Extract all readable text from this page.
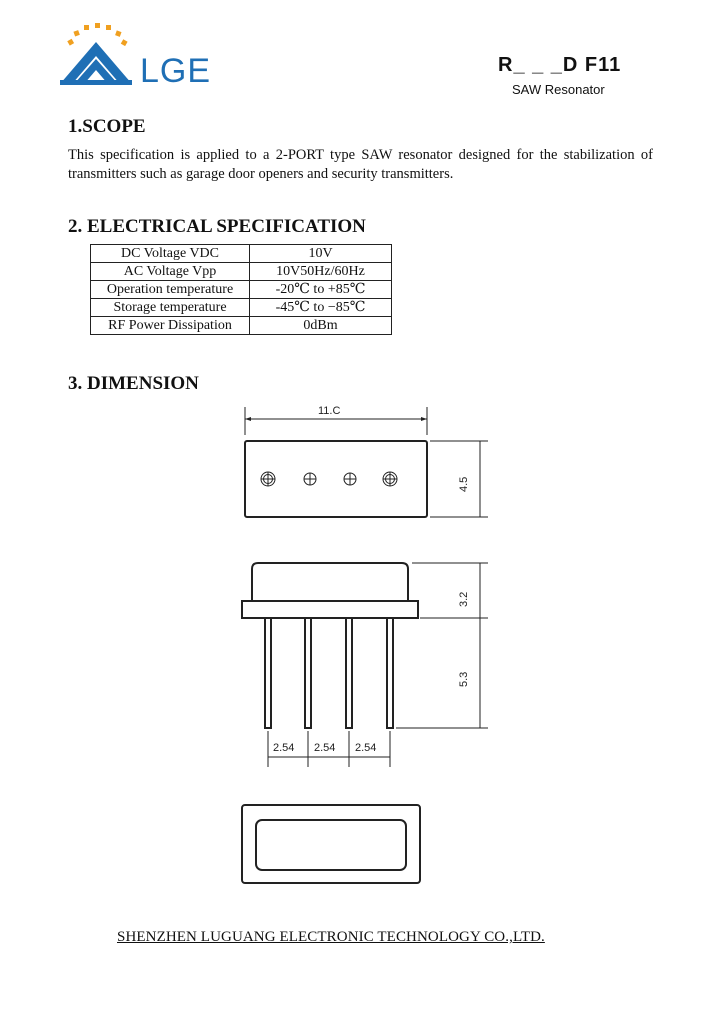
LGE	R_ _ _D F11
SAW Resonator
1.SCOPE
This specification is applied to a 2-PORT type SAW resonator designed for the stabilization of transmitters such as garage door openers and security transmitters.
2. ELECTRICAL SPECIFICATION
DC Voltage VDC	10V
AC Voltage Vpp	10V50Hz/60Hz
Operation temperature	-20℃ to +85℃
Storage temperature	-45℃ to −85℃
RF Power Dissipation	0dBm
3. DIMENSION
11.C
4.5
3.2
5.3
2.54 2.54 2.54
SHENZHEN LUGUANG ELECTRONIC TECHNOLOGY CO.,LTD.
